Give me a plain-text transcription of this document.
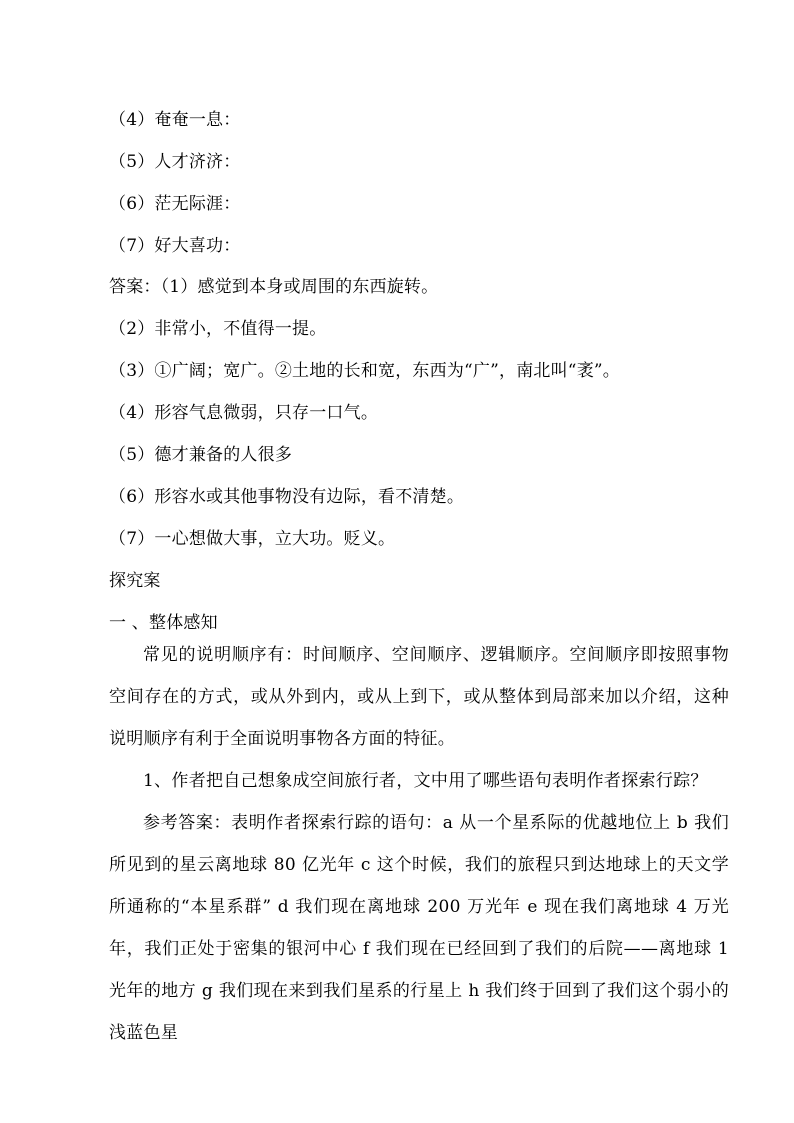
（4）奄奄一息：
（5）人才济济：
（6）茫无际涯：
（7）好大喜功：
答案：（1）感觉到本身或周围的东西旋转。
（2）非常小，不值得一提。
（3）①广阔；宽广。②土地的长和宽，东西为“广”，南北叫“袤”。
（4）形容气息微弱，只存一口气。
（5）德才兼备的人很多
（6）形容水或其他事物没有边际，看不清楚。
（7）一心想做大事，立大功。贬义。
探究案
一 、整体感知
常见的说明顺序有：时间顺序、空间顺序、逻辑顺序。空间顺序即按照事物空间存在的方式，或从外到内，或从上到下，或从整体到局部来加以介绍，这种说明顺序有利于全面说明事物各方面的特征。
1、作者把自己想象成空间旅行者，文中用了哪些语句表明作者探索行踪？
参考答案：表明作者探索行踪的语句：a 从一个星系际的优越地位上 b 我们所见到的星云离地球 80 亿光年 c 这个时候，我们的旅程只到达地球上的天文学所通称的“本星系群” d 我们现在离地球 200 万光年 e 现在我们离地球 4 万光年，我们正处于密集的银河中心 f 我们现在已经回到了我们的后院——离地球 1 光年的地方 g 我们现在来到我们星系的行星上 h 我们终于回到了我们这个弱小的浅蓝色星
